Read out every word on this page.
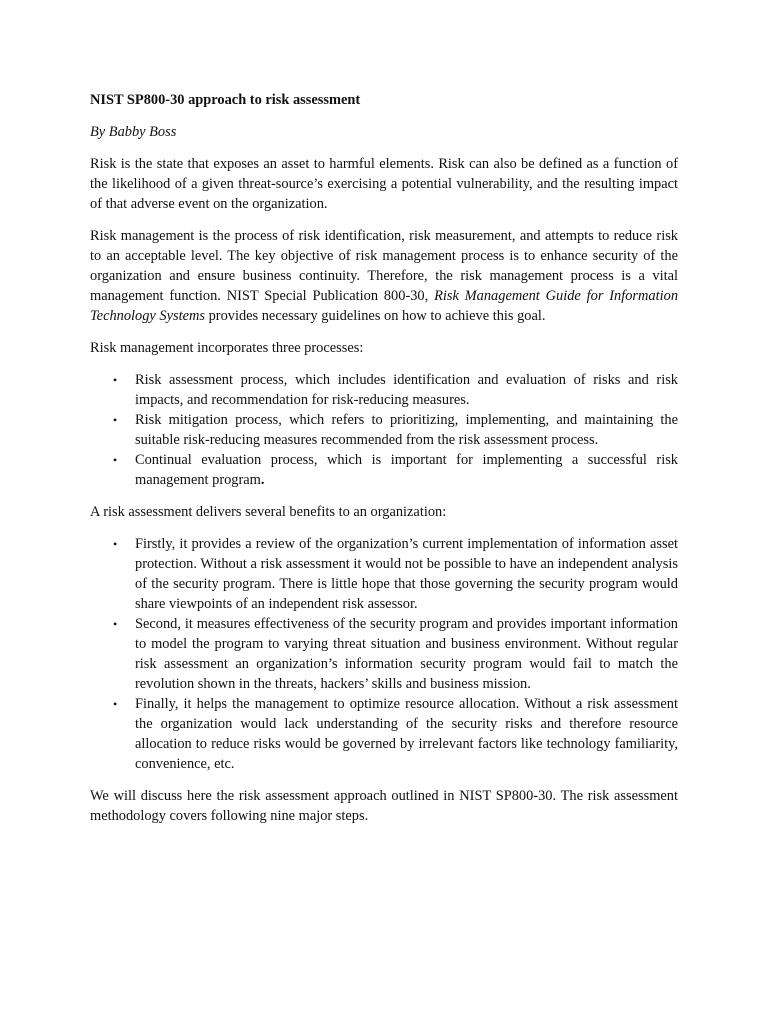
NIST SP800-30 approach to risk assessment
By Babby Boss

Risk is the state that exposes an asset to harmful elements. Risk can also be defined as a function of the likelihood of a given threat-source’s exercising a potential vulnerability, and the resulting impact of that adverse event on the organization.

Risk management is the process of risk identification, risk measurement, and attempts to reduce risk to an acceptable level. The key objective of risk management process is to enhance security of the organization and ensure business continuity. Therefore, the risk management process is a vital management function. NIST Special Publication 800-30, Risk Management Guide for Information Technology Systems provides necessary guidelines on how to achieve this goal.

Risk management incorporates three processes:

• Risk assessment process, which includes identification and evaluation of risks and risk impacts, and recommendation for risk-reducing measures.
• Risk mitigation process, which refers to prioritizing, implementing, and maintaining the suitable risk-reducing measures recommended from the risk assessment process.
• Continual evaluation process, which is important for implementing a successful risk management program.

A risk assessment delivers several benefits to an organization:

• Firstly, it provides a review of the organization’s current implementation of information asset protection. Without a risk assessment it would not be possible to have an independent analysis of the security program. There is little hope that those governing the security program would share viewpoints of an independent risk assessor.
• Second, it measures effectiveness of the security program and provides important information to model the program to varying threat situation and business environment. Without regular risk assessment an organization’s information security program would fail to match the revolution shown in the threats, hackers’ skills and business mission.
• Finally, it helps the management to optimize resource allocation. Without a risk assessment the organization would lack understanding of the security risks and therefore resource allocation to reduce risks would be governed by irrelevant factors like technology familiarity, convenience, etc.

We will discuss here the risk assessment approach outlined in NIST SP800-30. The risk assessment methodology covers following nine major steps.
